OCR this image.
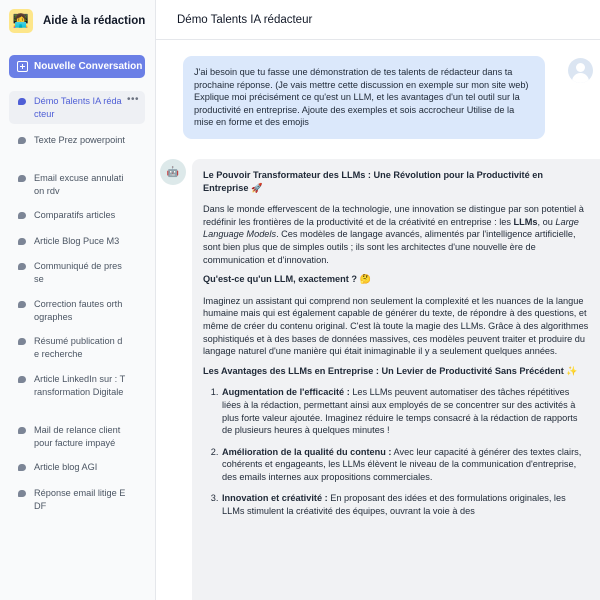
👩‍💻	Aide à la rédaction
Nouvelle Conversation
Démo Talents IA rédacteur
•••
Texte Prez powerpoint
Email excuse annulation rdv
Comparatifs articles
Article Blog Puce M3
Communiqué de presse
Correction fautes orthographes
Résumé publication de recherche
Article LinkedIn sur : Transformation Digitale
Mail de relance client pour facture impayé
Article blog AGI
Réponse email litige EDF
Démo Talents IA rédacteur
J'ai besoin que tu fasse une démonstration de tes talents de rédacteur dans ta prochaine réponse. (Je vais mettre cette discussion en exemple sur mon site web) Explique moi précisément ce qu'est un LLM, et les avantages d'un tel outil sur la productivité en entreprise. Ajoute des exemples et sois accrocheur Utilise de la mise en forme et des emojis

Le Pouvoir Transformateur des LLMs : Une Révolution pour la Productivité en Entreprise 🚀

Dans le monde effervescent de la technologie, une innovation se distingue par son potentiel à redéfinir les frontières de la productivité et de la créativité en entreprise : les LLMs, ou Large Language Models. Ces modèles de langage avancés, alimentés par l'intelligence artificielle, sont bien plus que de simples outils ; ils sont les architectes d'une nouvelle ère de communication et d'innovation.

Qu'est-ce qu'un LLM, exactement ? 🤔

Imaginez un assistant qui comprend non seulement la complexité et les nuances de la langue humaine mais qui est également capable de générer du texte, de répondre à des questions, et même de créer du contenu original. C'est là toute la magie des LLMs. Grâce à des algorithmes sophistiqués et à des bases de données massives, ces modèles peuvent traiter et produire du langage naturel d'une manière qui était inimaginable il y a seulement quelques années.

Les Avantages des LLMs en Entreprise : Un Levier de Productivité Sans Précédent ✨

1. Augmentation de l'efficacité : Les LLMs peuvent automatiser des tâches répétitives liées à la rédaction, permettant ainsi aux employés de se concentrer sur des activités à plus forte valeur ajoutée. Imaginez réduire le temps consacré à la rédaction de rapports de plusieurs heures à quelques minutes !
2. Amélioration de la qualité du contenu : Avec leur capacité à générer des textes clairs, cohérents et engageants, les LLMs élèvent le niveau de la communication d'entreprise, des emails internes aux propositions commerciales.
3. Innovation et créativité : En proposant des idées et des formulations originales, les LLMs stimulent la créativité des équipes, ouvrant la voie à des
🤖
